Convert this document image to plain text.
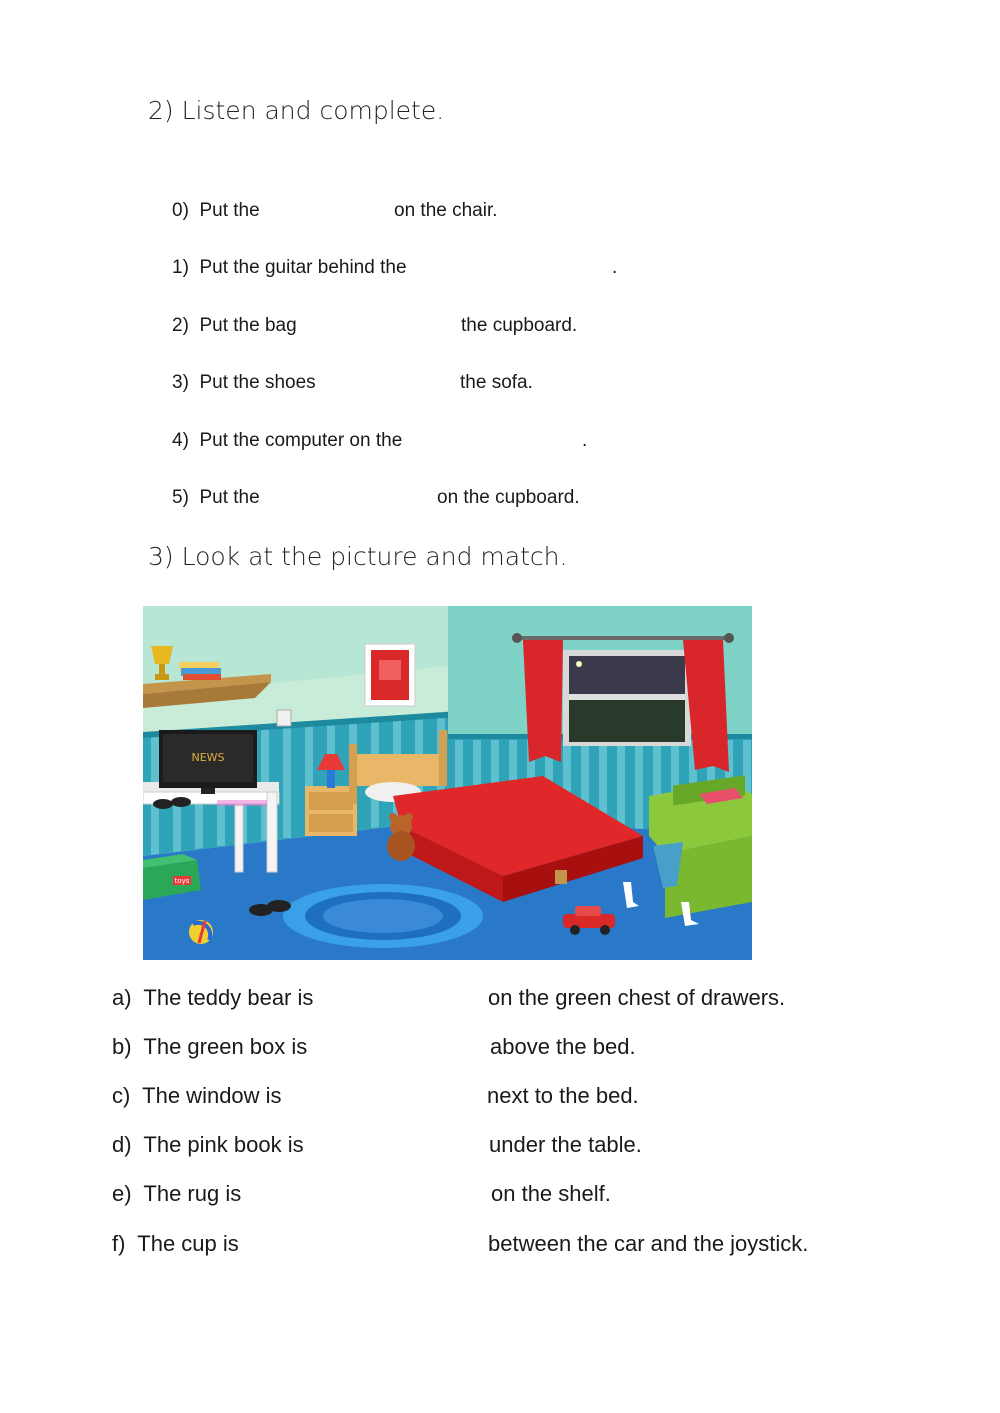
2) Listen and complete.
0) Put the	on the chair.
1) Put the guitar behind the	.
2) Put the bag	the cupboard.
3) Put the shoes	the sofa.
4) Put the computer on the	.
5) Put the	on the cupboard.
3) Look at the picture and match.
NEWS
toys
a) The teddy bear is	on the green chest of drawers.
b) The green box is	above the bed.
c) The window is	next to the bed.
d) The pink book is	under the table.
e) The rug is	on the shelf.
f) The cup is	between the car and the joystick.
